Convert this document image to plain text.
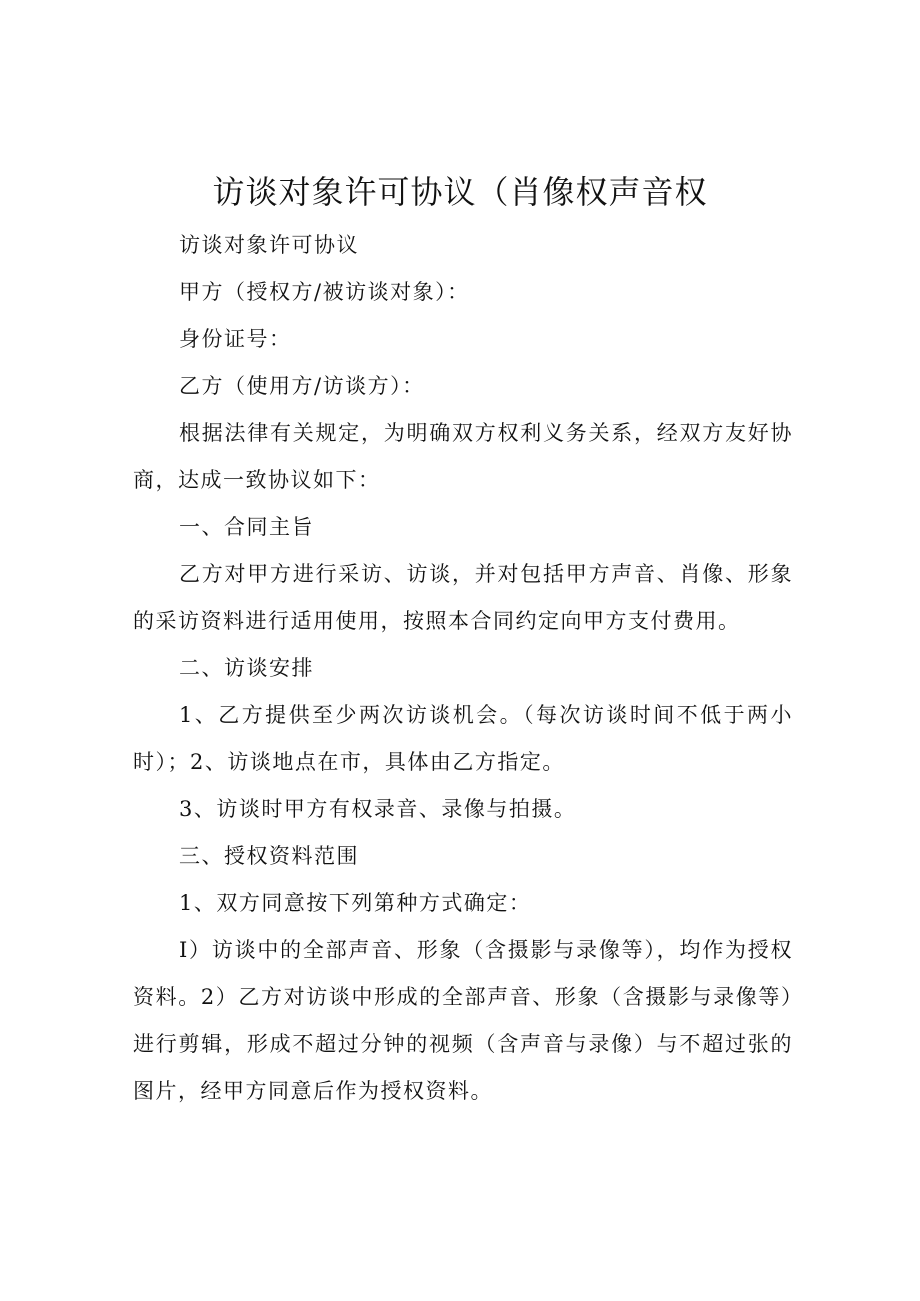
访谈对象许可协议（肖像权声音权

访谈对象许可协议

甲方（授权方/被访谈对象）：

身份证号：

乙方（使用方/访谈方）：

根据法律有关规定，为明确双方权利义务关系，经双方友好协商，达成一致协议如下：

一、合同主旨

乙方对甲方进行采访、访谈，并对包括甲方声音、肖像、形象的采访资料进行适用使用，按照本合同约定向甲方支付费用。

二、访谈安排

1、乙方提供至少两次访谈机会。（每次访谈时间不低于两小时）；2、访谈地点在市，具体由乙方指定。

3、访谈时甲方有权录音、录像与拍摄。

三、授权资料范围

1、双方同意按下列第种方式确定：

I）访谈中的全部声音、形象（含摄影与录像等），均作为授权资料。2）乙方对访谈中形成的全部声音、形象（含摄影与录像等）进行剪辑，形成不超过分钟的视频（含声音与录像）与不超过张的图片，经甲方同意后作为授权资料。
